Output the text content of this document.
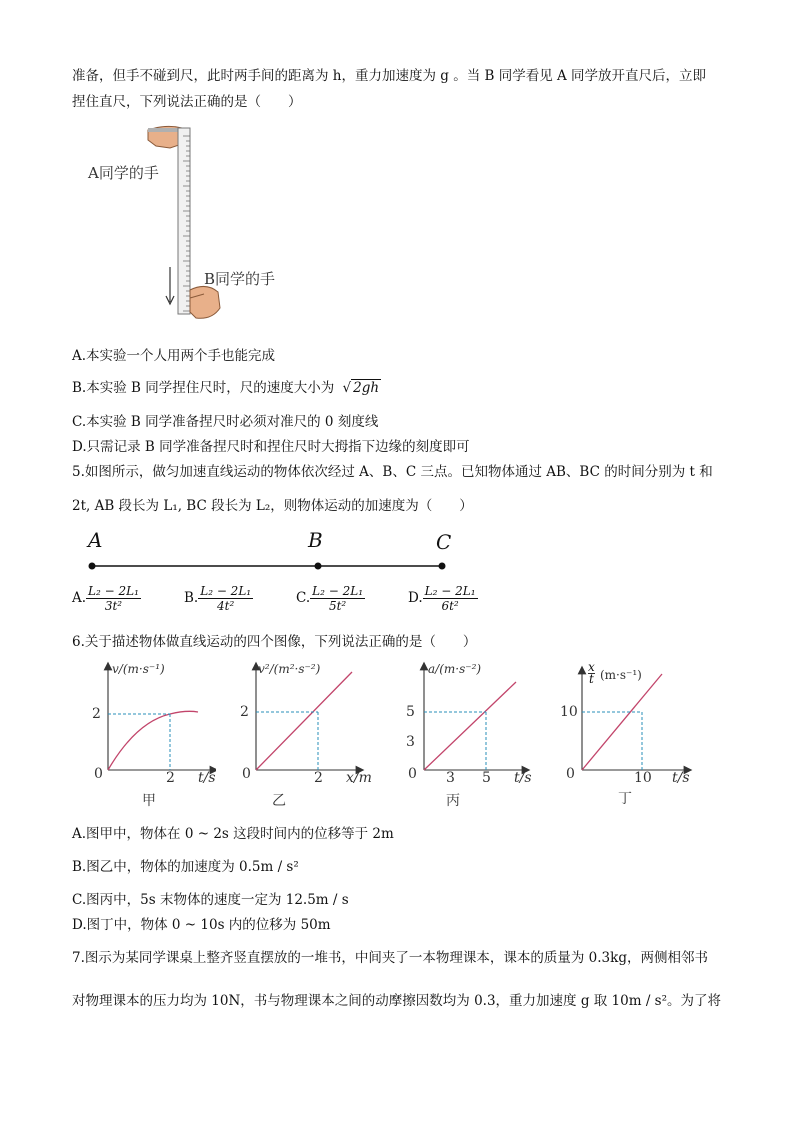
准备，但手不碰到尺，此时两手间的距离为 h，重力加速度为 g 。当 B 同学看见 A 同学放开直尺后，立即
捏住直尺，下列说法正确的是（　　）
A同学的手
B同学的手
A.本实验一个人用两个手也能完成
B.本实验 B 同学捏住尺时，尺的速度大小为 √ 2gh
C.本实验 B 同学准备捏尺时必须对准尺的 0 刻度线
D.只需记录 B 同学准备捏尺时和捏住尺时大拇指下边缘的刻度即可
5.如图所示，做匀加速直线运动的物体依次经过 A、B、C 三点。已知物体通过 AB、BC 的时间分别为 t 和
2t, AB 段长为 L₁, BC 段长为 L₂，则物体运动的加速度为（　　）
A	B	C
A. $\frac{\text{L₂ − 2L₁}}{\text{3t²}}$	B. $\frac{\text{L₂ − 2L₁}}{\text{4t²}}$	C. $\frac{\text{L₂ − 2L₁}}{\text{5t²}}$	D. $\frac{\text{L₂ − 2L₁}}{\text{6t²}}$
6.关于描述物体做直线运动的四个图像，下列说法正确的是（　　）
v/(m·s⁻¹)
2
0	2 t/s
甲
v²/(m²·s⁻²)
2
0	2 x/m
乙
a/(m·s⁻²)
5
3
0 3 5 t/s
丙
x
t (m·s⁻¹)
10
0	10 t/s
丁
A.图甲中，物体在 0 ~ 2s 这段时间内的位移等于 2m
B.图乙中，物体的加速度为 0.5m / s²
C.图丙中，5s 末物体的速度一定为 12.5m / s
D.图丁中，物体 0 ~ 10s 内的位移为 50m
7.图示为某同学课桌上整齐竖直摆放的一堆书，中间夹了一本物理课本，课本的质量为 0.3kg，两侧相邻书
对物理课本的压力均为 10N，书与物理课本之间的动摩擦因数均为 0.3，重力加速度 g 取 10m / s²。为了将
